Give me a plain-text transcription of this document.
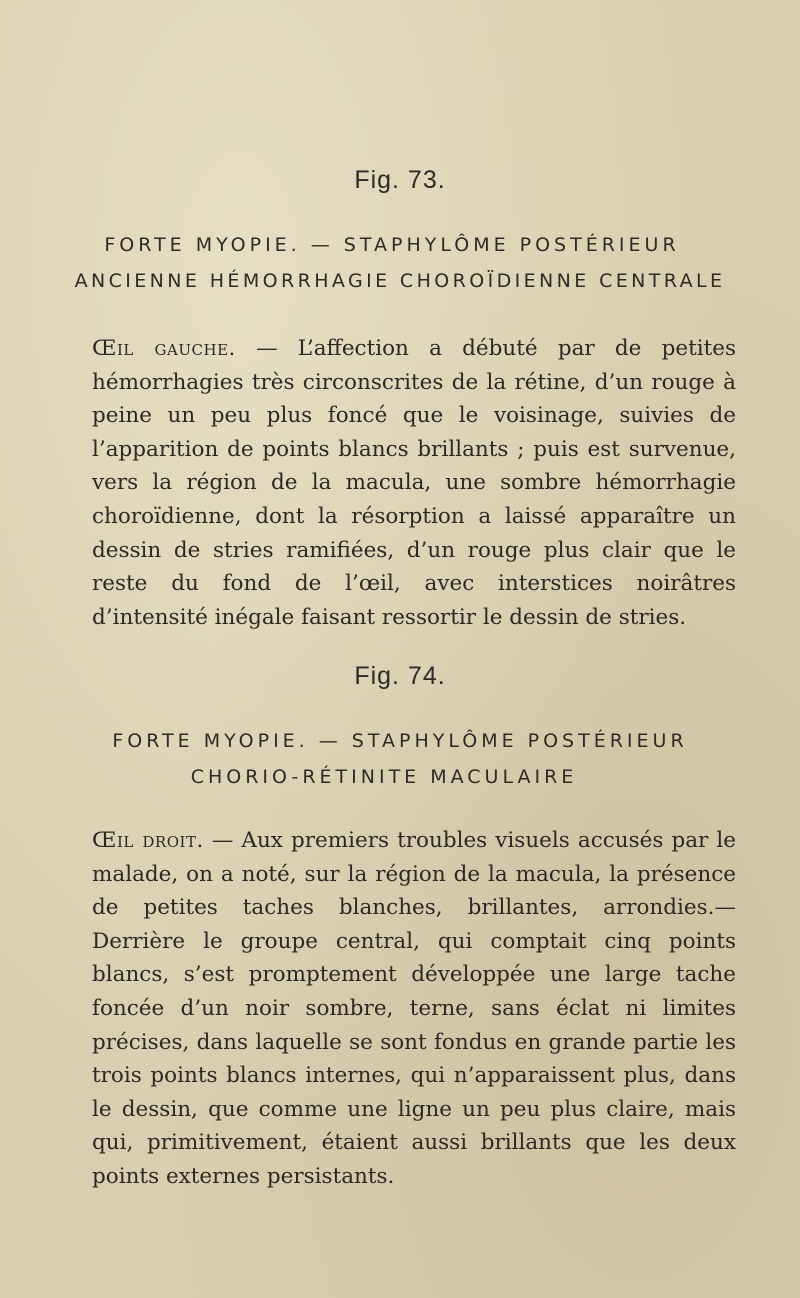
Fig. 73.
FORTE MYOPIE. — STAPHYLÔME POSTÉRIEUR
ANCIENNE HÉMORRHAGIE CHOROÏDIENNE CENTRALE
Œil gauche. — L’affection a débuté par de petites hémorrhagies très circonscrites de la rétine, d’un rouge à peine un peu plus foncé que le voisinage, suivies de l’apparition de points blancs brillants ; puis est survenue, vers la région de la macula, une sombre hémorrhagie choroïdienne, dont la résorption a laissé apparaître un dessin de stries ramifiées, d’un rouge plus clair que le reste du fond de l’œil, avec interstices noirâtres d’intensité inégale faisant ressortir le dessin de stries.
Fig. 74.
FORTE MYOPIE. — STAPHYLÔME POSTÉRIEUR
CHORIO-RÉTINITE MACULAIRE
Œil droit. — Aux premiers troubles visuels accusés par le malade, on a noté, sur la région de la macula, la présence de petites taches blanches, brillantes, arrondies.—Derrière le groupe central, qui comptait cinq points blancs, s’est promptement développée une large tache foncée d’un noir sombre, terne, sans éclat ni limites précises, dans laquelle se sont fondus en grande partie les trois points blancs internes, qui n’apparaissent plus, dans le dessin, que comme une ligne un peu plus claire, mais qui, primitivement, étaient aussi brillants que les deux points externes persistants.
